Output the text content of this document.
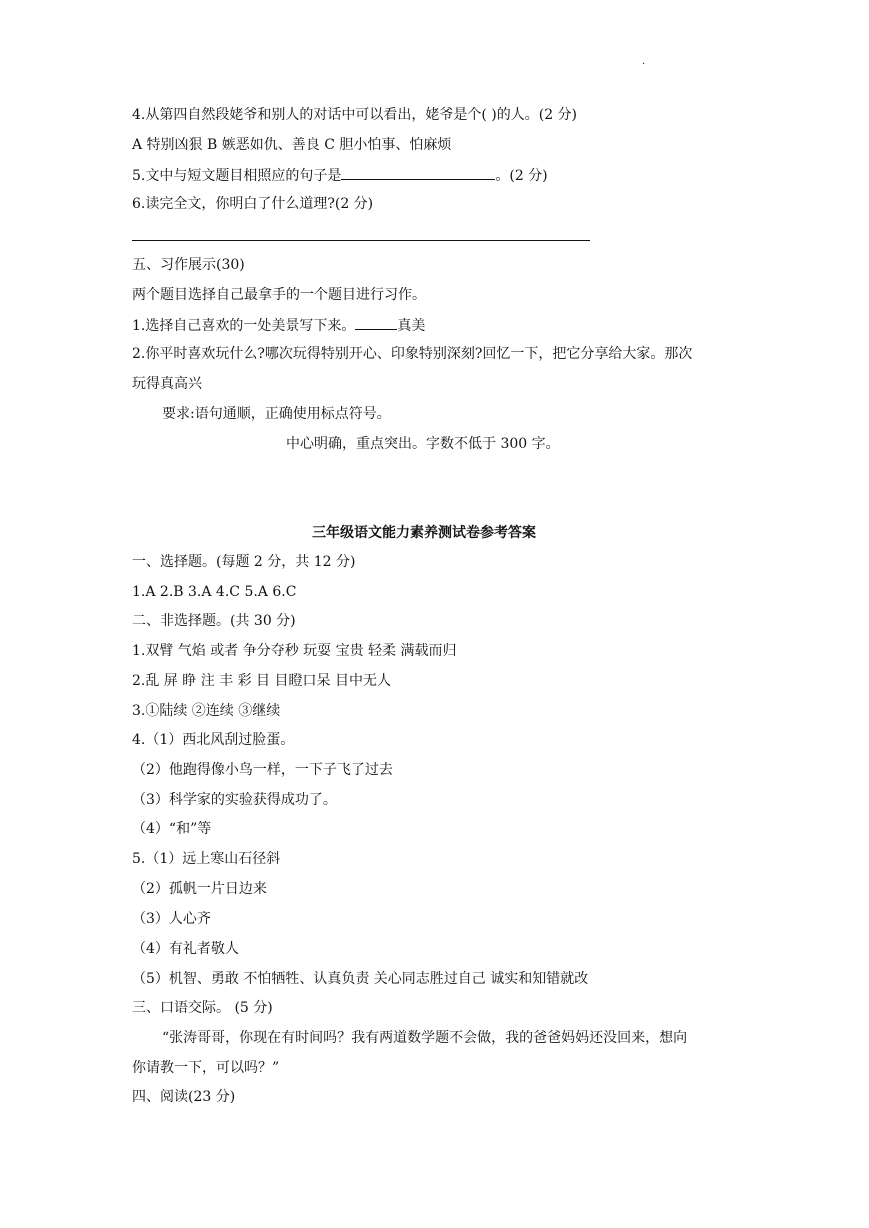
.
4.从第四自然段姥爷和别人的对话中可以看出，姥爷是个( )的人。(2 分)
A 特别凶狠 B 嫉恶如仇、善良 C 胆小怕事、怕麻烦
5.文中与短文题目相照应的句子是	。(2 分)
6.读完全文，你明白了什么道理?(2 分)
五、习作展示(30)
两个题目选择自己最拿手的一个题目进行习作。
1.选择自己喜欢的一处美景写下来。	真美
2.你平时喜欢玩什么?哪次玩得特别开心、印象特别深刻?回忆一下，把它分享给大家。那次
玩得真高兴
要求:语句通顺，正确使用标点符号。
中心明确，重点突出。字数不低于 300 字。
三年级语文能力素养测试卷参考答案
一、选择题。(每题 2 分，共 12 分)
1.A 2.B 3.A 4.C 5.A 6.C
二、非选择题。(共 30 分)
1.双臂 气焰 或者 争分夺秒 玩耍 宝贵 轻柔 满载而归
2.乱 屏 睁 注 丰 彩 目 目瞪口呆 目中无人
3.①陆续 ②连续 ③继续
4.（1）西北风刮过脸蛋。
（2）他跑得像小鸟一样，一下子飞了过去
（3）科学家的实验获得成功了。
（4）“和”等
5.（1）远上寒山石径斜
（2）孤帆一片日边来
（3）人心齐
（4）有礼者敬人
（5）机智、勇敢 不怕牺牲、认真负责 关心同志胜过自己 诚实和知错就改
三、口语交际。 (5 分)
“张涛哥哥，你现在有时间吗？我有两道数学题不会做，我的爸爸妈妈还没回来，想向
你请教一下，可以吗？”
四、阅读(23 分)
